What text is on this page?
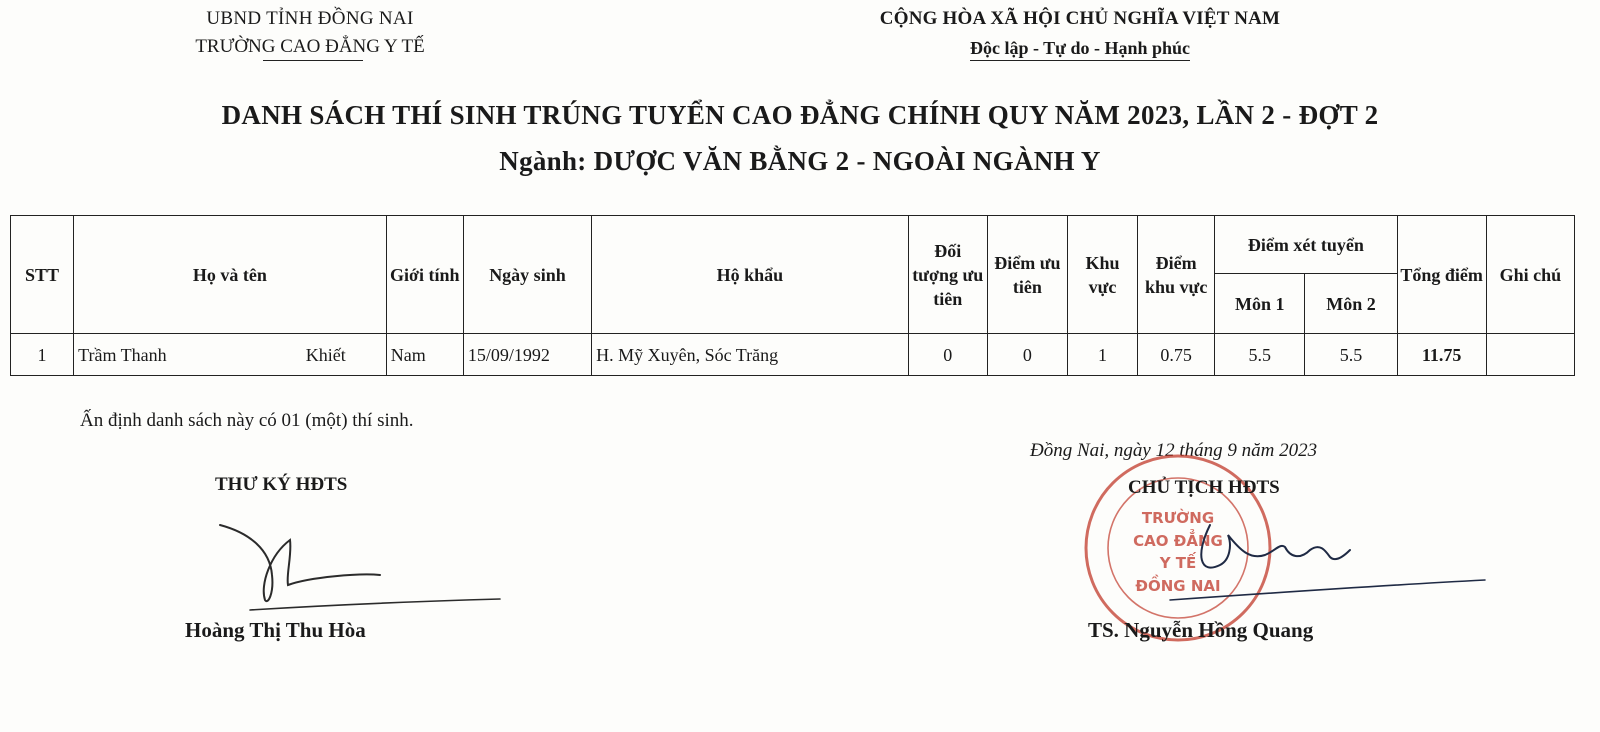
UBND TỈNH ĐỒNG NAI
TRƯỜNG CAO ĐẲNG Y TẾ
CỘNG HÒA XÃ HỘI CHỦ NGHĨA VIỆT NAM
Độc lập - Tự do - Hạnh phúc
DANH SÁCH THÍ SINH TRÚNG TUYỂN CAO ĐẲNG CHÍNH QUY NĂM 2023, LẦN 2 - ĐỢT 2
Ngành: DƯỢC VĂN BẰNG 2 - NGOÀI NGÀNH Y
STT	Họ và tên	Giới tính	Ngày sinh	Hộ khẩu	Đối tượng ưu tiên	Điểm ưu tiên	Khu vực	Điểm khu vực	Điểm xét tuyển		Tổng điểm	Ghi chú
									Môn 1	Môn 2		
1	Trầm Thanh Khiết	Nam	15/09/1992	H. Mỹ Xuyên, Sóc Trăng	0	0	1	0.75	5.5	5.5	11.75	
Ấn định danh sách này có 01 (một) thí sinh.
Đồng Nai, ngày 12 tháng 9 năm 2023
THƯ KÝ HĐTS
Hoàng Thị Thu Hòa
TRƯỜNG
CAO ĐẲNG
Y TẾ
ĐỒNG NAI
CHỦ TỊCH HĐTS
TS. Nguyễn Hồng Quang
